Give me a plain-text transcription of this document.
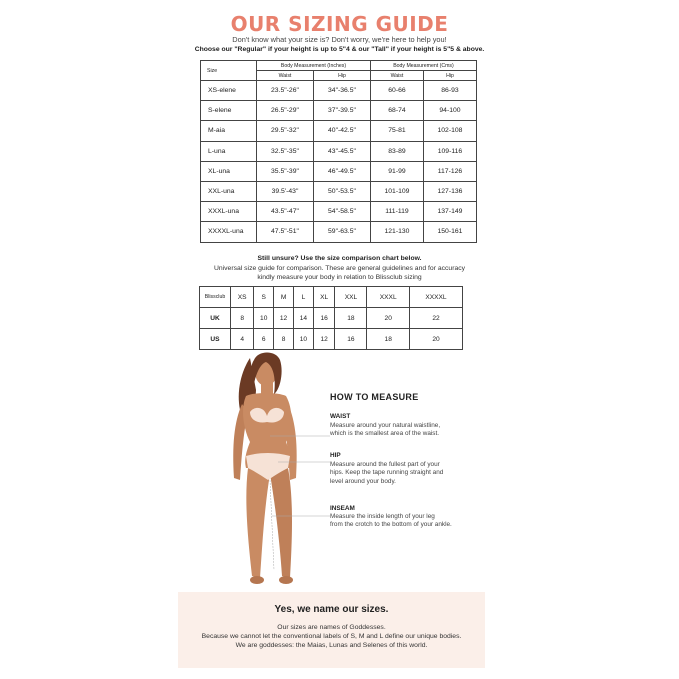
OUR SIZING GUIDE
Don't know what your size is? Don't worry, we're here to help you!
Choose our "Regular" if your height is up to 5"4 & our "Tall" if your height is 5"5 & above.
Size	Body Measurement (Inches)		Body Measurement (Cms)	
	Waist	Hip	Waist	Hip
XS-elene	23.5"-26"	34"-36.5"	60-66	86-93
S-elene	26.5"-29"	37"-39.5"	68-74	94-100
M-aia	29.5"-32"	40"-42.5"	75-81	102-108
L-una	32.5"-35"	43"-45.5"	83-89	109-116
XL-una	35.5"-39"	46"-49.5"	91-99	117-126
XXL-una	39.5'-43"	50"-53.5"	101-109	127-136
XXXL-una	43.5"-47"	54"-58.5"	111-119	137-149
XXXXL-una	47.5"-51"	59"-63.5"	121-130	150-161
Still unsure? Use the size comparison chart below.
Universal size guide for comparison. These are general guidelines and for accuracy
kindly measure your body in relation to Blissclub sizing
Blissclub	XS	S	M	L	XL	XXL	XXXL	XXXXL
UK	8	10	12	14	16	18	20	22
US	4	6	8	10	12	16	18	20
HOW TO MEASURE
WAIST
Measure around your natural waistline,
which is the smallest area of the waist.
HIP
Measure around the fullest part of your
hips. Keep the tape running straight and
level around your body.
INSEAM
Measure the inside length of your leg
from the crotch to the bottom of your ankle.
Yes, we name our sizes.
Our sizes are names of Goddesses.
Because we cannot let the conventional labels of S, M and L define our unique bodies.
We are goddesses: the Maias, Lunas and Selenes of this world.
